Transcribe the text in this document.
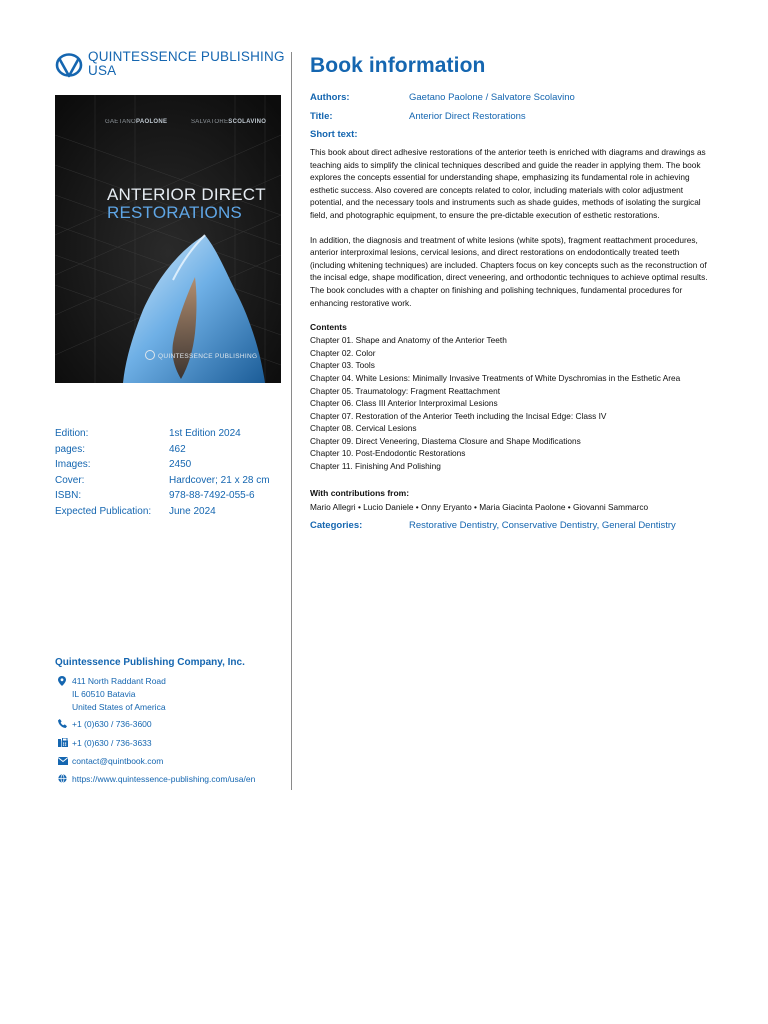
QUINTESSENCE PUBLISHING
USA
GAETANOPAOLONE	SALVATORESCOLAVINO
ANTERIOR DIRECT
RESTORATIONS
QUINTESSENCE PUBLISHING
Edition:	1st Edition 2024
pages:	462
Images:	2450
Cover:	Hardcover; 21 x 28 cm
ISBN:	978-88-7492-055-6
Expected Publication:	June 2024
Quintessence Publishing Company, Inc.
411 North Raddant Road
IL 60510 Batavia
United States of America
+1 (0)630 / 736-3600
+1 (0)630 / 736-3633
contact@quintbook.com
https://www.quintessence-publishing.com/usa/en
Book information
Authors:	Gaetano Paolone / Salvatore Scolavino
Title:	Anterior Direct Restorations
Short text:

This book about direct adhesive restorations of the anterior teeth is enriched with diagrams and drawings as teaching aids to simplify the clinical techniques described and guide the reader in applying them. The book explores the concepts essential for understanding shape, emphasizing its fundamental role in achieving esthetic success. Also covered are concepts related to color, including materials with color adjustment potential, and the necessary tools and instruments such as shade guides, methods of isolating the surgical field, and photographic equipment, to ensure the pre-dictable execution of esthetic restorations.

In addition, the diagnosis and treatment of white lesions (white spots), fragment reattachment procedures, anterior interproximal lesions, cervical lesions, and direct restorations on endodontically treated teeth (including whitening techniques) are included. Chapters focus on key concepts such as the reconstruction of the incisal edge, shape modification, direct veneering, and orthodontic techniques to achieve optimal results. The book concludes with a chapter on finishing and polishing techniques, fundamental procedures for enhancing restorative work.

Contents
Chapter 01. Shape and Anatomy of the Anterior Teeth
Chapter 02. Color
Chapter 03. Tools
Chapter 04. White Lesions: Minimally Invasive Treatments of White Dyschromias in the Esthetic Area
Chapter 05. Traumatology: Fragment Reattachment
Chapter 06. Class III Anterior Interproximal Lesions
Chapter 07. Restoration of the Anterior Teeth including the Incisal Edge: Class IV
Chapter 08. Cervical Lesions
Chapter 09. Direct Veneering, Diastema Closure and Shape Modifications
Chapter 10. Post-Endodontic Restorations
Chapter 11. Finishing And Polishing
With contributions from:
Mario Allegri • Lucio Daniele • Onny Eryanto • Maria Giacinta Paolone • Giovanni Sammarco
Categories:	Restorative Dentistry, Conservative Dentistry, General Dentistry
